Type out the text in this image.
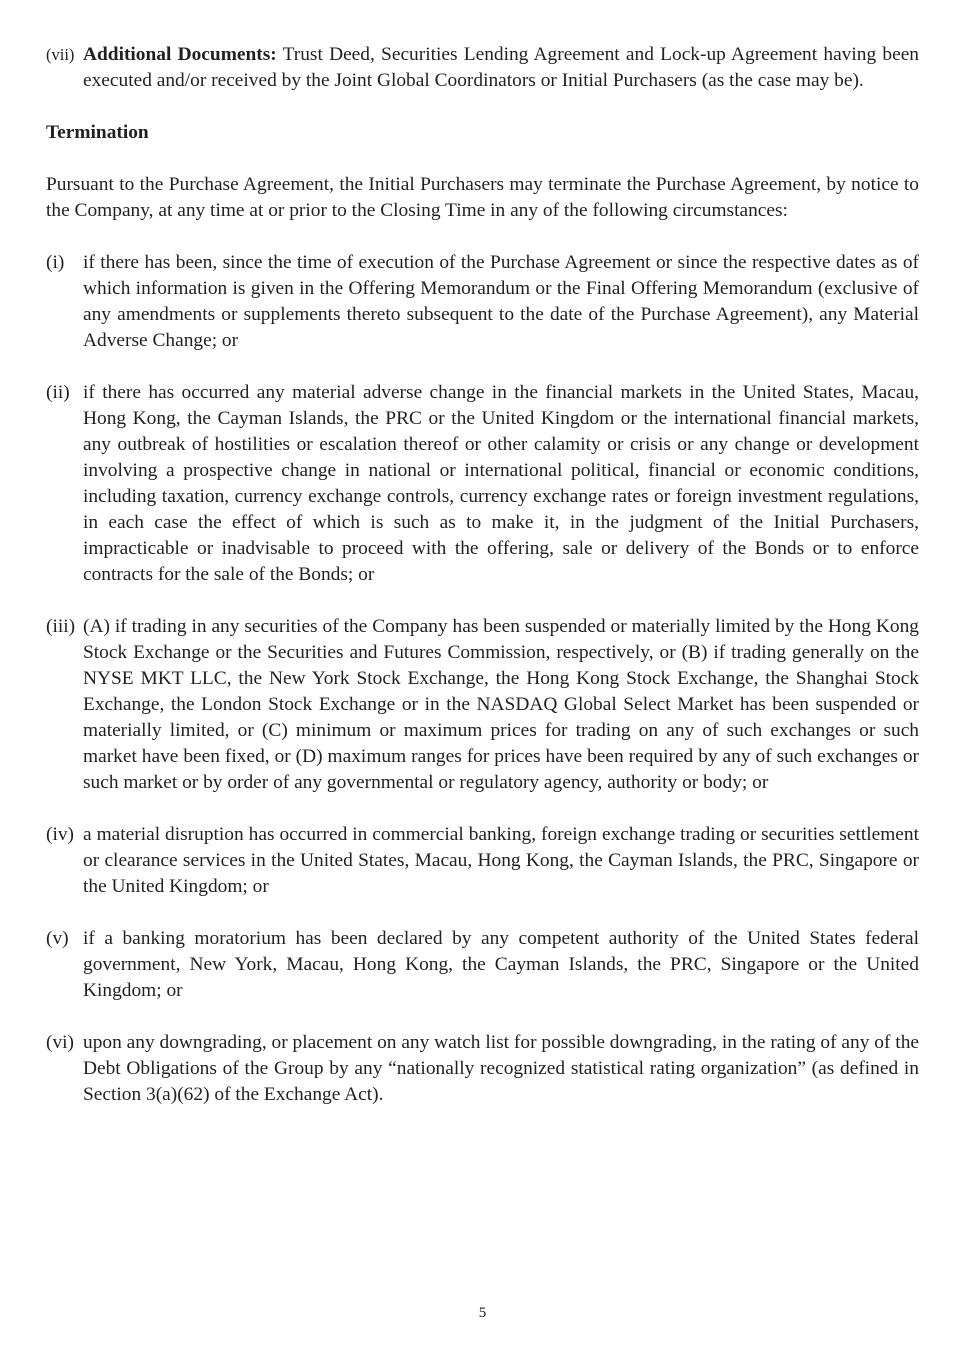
(vii) Additional Documents: Trust Deed, Securities Lending Agreement and Lock-up Agreement having been executed and/or received by the Joint Global Coordinators or Initial Purchasers (as the case may be).
Termination
Pursuant to the Purchase Agreement, the Initial Purchasers may terminate the Purchase Agreement, by notice to the Company, at any time at or prior to the Closing Time in any of the following circumstances:
(i) if there has been, since the time of execution of the Purchase Agreement or since the respective dates as of which information is given in the Offering Memorandum or the Final Offering Memorandum (exclusive of any amendments or supplements thereto subsequent to the date of the Purchase Agreement), any Material Adverse Change; or
(ii) if there has occurred any material adverse change in the financial markets in the United States, Macau, Hong Kong, the Cayman Islands, the PRC or the United Kingdom or the international financial markets, any outbreak of hostilities or escalation thereof or other calamity or crisis or any change or development involving a prospective change in national or international political, financial or economic conditions, including taxation, currency exchange controls, currency exchange rates or foreign investment regulations, in each case the effect of which is such as to make it, in the judgment of the Initial Purchasers, impracticable or inadvisable to proceed with the offering, sale or delivery of the Bonds or to enforce contracts for the sale of the Bonds; or
(iii) (A) if trading in any securities of the Company has been suspended or materially limited by the Hong Kong Stock Exchange or the Securities and Futures Commission, respectively, or (B) if trading generally on the NYSE MKT LLC, the New York Stock Exchange, the Hong Kong Stock Exchange, the Shanghai Stock Exchange, the London Stock Exchange or in the NASDAQ Global Select Market has been suspended or materially limited, or (C) minimum or maximum prices for trading on any of such exchanges or such market have been fixed, or (D) maximum ranges for prices have been required by any of such exchanges or such market or by order of any governmental or regulatory agency, authority or body; or
(iv) a material disruption has occurred in commercial banking, foreign exchange trading or securities settlement or clearance services in the United States, Macau, Hong Kong, the Cayman Islands, the PRC, Singapore or the United Kingdom; or
(v) if a banking moratorium has been declared by any competent authority of the United States federal government, New York, Macau, Hong Kong, the Cayman Islands, the PRC, Singapore or the United Kingdom; or
(vi) upon any downgrading, or placement on any watch list for possible downgrading, in the rating of any of the Debt Obligations of the Group by any “nationally recognized statistical rating organization” (as defined in Section 3(a)(62) of the Exchange Act).
5
